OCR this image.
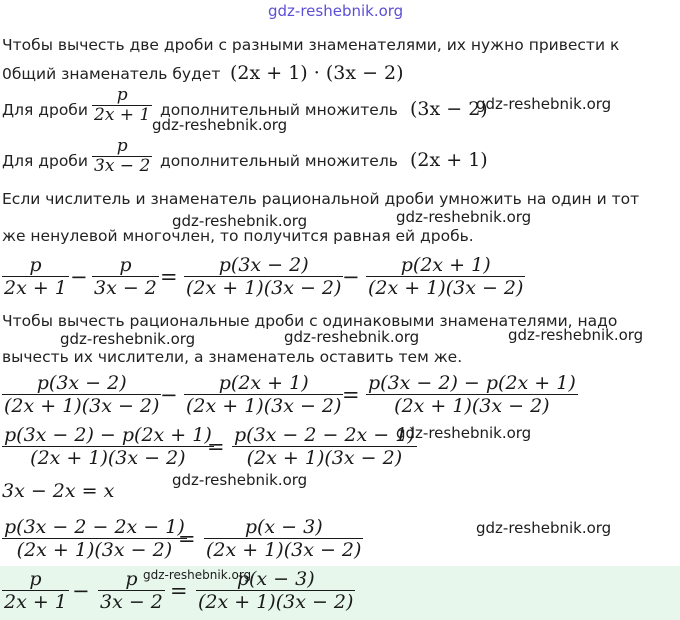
gdz-reshebnik.org
Чтобы вычесть две дроби с разными знаменателями, их нужно привести к
0бщий знаменатель будет (2x + 1) · (3x − 2)
Для дроби
p
2x + 1 дополнительный множитель (3x − 2)
gdz-reshebnik.org
gdz-reshebnik.org
Для дроби
p
3x − 2 дополнительный множитель (2x + 1)
Если числитель и знаменатель рациональной дроби умножить на один и тот
gdz-reshebnik.org	gdz-reshebnik.org
же ненулевой многочлен, то получится равная ей дробь.
p
2x + 1 − p
3x − 2 = p(3x − 2)
(2x + 1)(3x − 2) − p(2x + 1)
(2x + 1)(3x − 2)
Чтобы вычесть рациональные дроби с одинаковыми знаменателями, надо
gdz-reshebnik.org	gdz-reshebnik.org	gdz-reshebnik.org
вычесть их числители, а знаменатель оставить тем же.
p(3x − 2)
(2x + 1)(3x − 2) − p(2x + 1)
(2x + 1)(3x − 2) = p(3x − 2) − p(2x + 1)
(2x + 1)(3x − 2)
p(3x − 2) − p(2x + 1)
(2x + 1)(3x − 2) = p(3x − 2 − 2x − 1)
(2x + 1)(3x − 2)
gdz-reshebnik.org
gdz-reshebnik.org
3x − 2x = x
p(3x − 2 − 2x − 1)
(2x + 1)(3x − 2) =	p(x − 3)
(2x + 1)(3x − 2)
gdz-reshebnik.org
p
2x + 1 − p
3x − 2 =	p(x − 3)
(2x + 1)(3x − 2)
gdz-reshebnik.org
